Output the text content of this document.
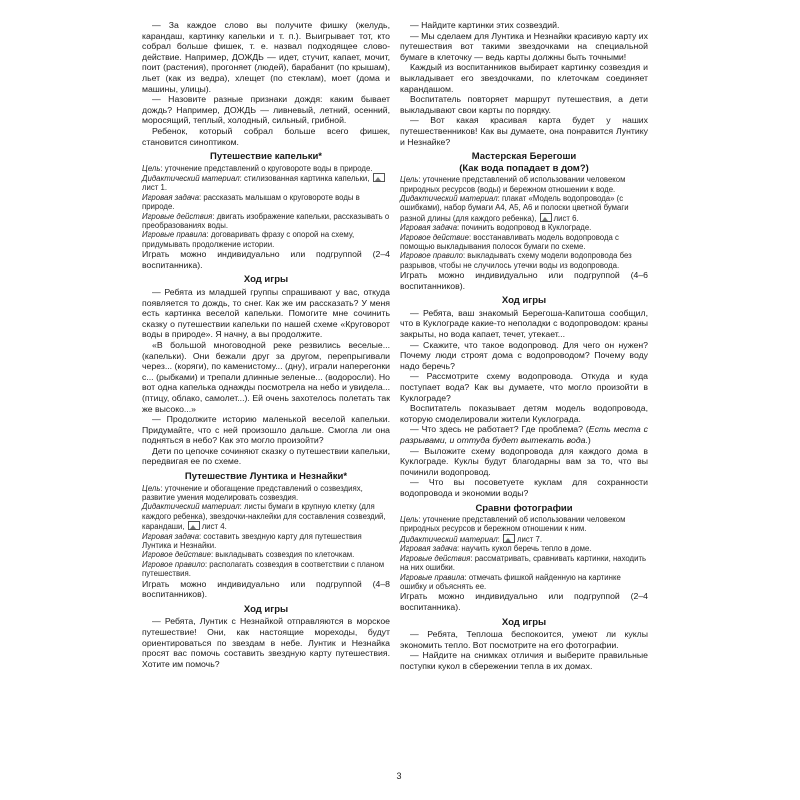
— За каждое слово вы получите фишку (желудь, карандаш, картинку капельки и т. п.). Выигрывает тот, кто собрал больше фишек, т. е. назвал подходящее слово-действие. Например, ДОЖДЬ — идет, стучит, капает, мочит, поит (растения), прогоняет (людей), барабанит (по крышам), льет (как из ведра), хлещет (по стеклам), моет (дома и машины, улицы).

— Назовите разные признаки дождя: каким бывает дождь? Например, ДОЖДЬ — ливневый, летний, осенний, моросящий, теплый, холодный, сильный, грибной.

Ребенок, который собрал больше всего фишек, становится синоптиком.

Путешествие капельки*

Цель: уточнение представлений о круговороте воды в природе.

Дидактический материал: стилизованная картинка капельки, лист 1.

Игровая задача: рассказать малышам о круговороте воды в природе.

Игровые действия: двигать изображение капельки, рассказывать о преобразованиях воды.

Игровые правила: договаривать фразу с опорой на схему, придумывать продолжение истории.

Играть можно индивидуально или подгруппой (2–4 воспитанника).

Ход игры

— Ребята из младшей группы спрашивают у вас, откуда появляется то дождь, то снег. Как же им рассказать? У меня есть картинка веселой капельки. Помогите мне сочинить сказку о путешествии капельки по нашей схеме «Круговорот воды в природе». Я начну, а вы продолжите.

«В большой многоводной реке резвились веселые... (капельки). Они бежали друг за другом, перепрыгивали через... (коряги), по каменистому... (дну), играли наперегонки с... (рыбками) и трепали длинные зеленые... (водоросли). Но вот одна капелька однажды посмотрела на небо и увидела... (птицу, облако, самолет...). Ей очень захотелось полетать так же высоко...»

— Продолжите историю маленькой веселой капельки. Придумайте, что с ней произошло дальше. Смогла ли она подняться в небо? Как это могло произойти?

Дети по цепочке сочиняют сказку о путешествии капельки, передвигая ее по схеме.

Путешествие Лунтика и Незнайки*

Цель: уточнение и обогащение представлений о созвездиях, развитие умения моделировать созвездия.

Дидактический материал: листы бумаги в крупную клетку (для каждого ребенка), звездочки-наклейки для составления созвездий, карандаши, лист 4.

Игровая задача: составить звездную карту для путешествия Лунтика и Незнайки.

Игровое действие: выкладывать созвездия по клеточкам.

Игровое правило: располагать созвездия в соответствии с планом путешествия.

Играть можно индивидуально или подгруппой (4–8 воспитанников).

Ход игры

— Ребята, Лунтик с Незнайкой отправляются в морское путешествие! Они, как настоящие мореходы, будут ориентироваться по звездам в небе. Лунтик и Незнайка просят вас помочь составить звездную карту путешествия. Хотите им помочь?

— Найдите картинки этих созвездий.

— Мы сделаем для Лунтика и Незнайки красивую карту их путешествия вот такими звездочками на специальной бумаге в клеточку — ведь карты должны быть точными!

Каждый из воспитанников выбирает картинку созвездия и выкладывает его звездочками, по клеточкам соединяет карандашом.

Воспитатель повторяет маршрут путешествия, а дети выкладывают свои карты по порядку.

— Вот какая красивая карта будет у наших путешественников! Как вы думаете, она понравится Лунтику и Незнайке?

Мастерская Берегоши
(Как вода попадает в дом?)

Цель: уточнение представлений об использовании человеком природных ресурсов (воды) и бережном отношении к воде.

Дидактический материал: плакат «Модель водопровода» (с ошибками), набор бумаги А4, А5, А6 и полоски цветной бумаги разной длины (для каждого ребенка), лист 6.

Игровая задача: починить водопровод в Куклограде.

Игровое действие: восстанавливать модель водопровода с помощью выкладывания полосок бумаги по схеме.

Игровое правило: выкладывать схему модели водопровода без разрывов, чтобы не случилось утечки воды из водопровода.

Играть можно индивидуально или подгруппой (4–6 воспитанников).

Ход игры

— Ребята, ваш знакомый Берегоша-Капитоша сообщил, что в Куклограде какие-то неполадки с водопроводом: краны закрыты, но вода капает, течет, утекает...

— Скажите, что такое водопровод. Для чего он нужен? Почему люди строят дома с водопроводом? Почему воду надо беречь?

— Рассмотрите схему водопровода. Откуда и куда поступает вода? Как вы думаете, что могло произойти в Куклограде?

Воспитатель показывает детям модель водопровода, которую смоделировали жители Куклограда.

— Что здесь не работает? Где проблема? (Есть места с разрывами, и оттуда будет вытекать вода.)

— Выложите схему водопровода для каждого дома в Куклограде. Куклы будут благодарны вам за то, что вы починили водопровод.

— Что вы посоветуете куклам для сохранности водопровода и экономии воды?

Сравни фотографии

Цель: уточнение представлений об использовании человеком природных ресурсов и бережном отношении к ним.

Дидактический материал: лист 7.

Игровая задача: научить кукол беречь тепло в доме.

Игровые действия: рассматривать, сравнивать картинки, находить на них ошибки.

Игровые правила: отмечать фишкой найденную на картинке ошибку и объяснять ее.

Играть можно индивидуально или подгруппой (2–4 воспитанника).

Ход игры

— Ребята, Теплоша беспокоится, умеют ли куклы экономить тепло. Вот посмотрите на его фотографии.

— Найдите на снимках отличия и выберите правильные поступки кукол в сбережении тепла в их домах.

3
